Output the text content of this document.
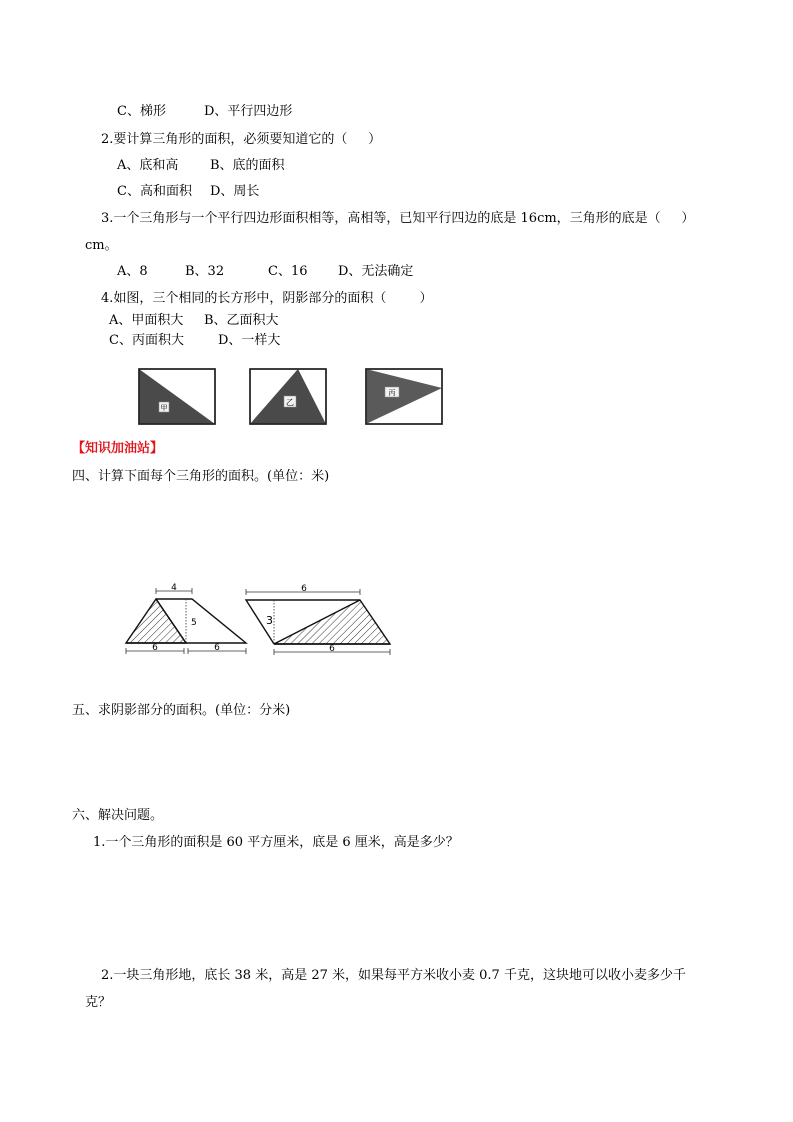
C、梯形	D、平行四边形
2.要计算三角形的面积，必须要知道它的（     ）
A、底和高 B、底的面积
C、高和面积 D、周长
3.一个三角形与一个平行四边形面积相等，高相等，已知平行四边的底是 16cm，三角形的底是（     ）
cm。
A、8	B、32	C、16 D、无法确定
4.如图，三个相同的长方形中，阴影部分的面积（        ）
A、甲面积大 B、乙面积大
C、丙面积大	D、一样大
甲
乙
丙
【知识加油站】
四、计算下面每个三角形的面积。(单位：米)
4
5
6	6
6
3
6
五、求阴影部分的面积。(单位：分米)
六、解决问题。
1.一个三角形的面积是 60 平方厘米，底是 6 厘米，高是多少？
2.一块三角形地，底长 38 米，高是 27 米，如果每平方米收小麦 0.7 千克，这块地可以收小麦多少千
克？
